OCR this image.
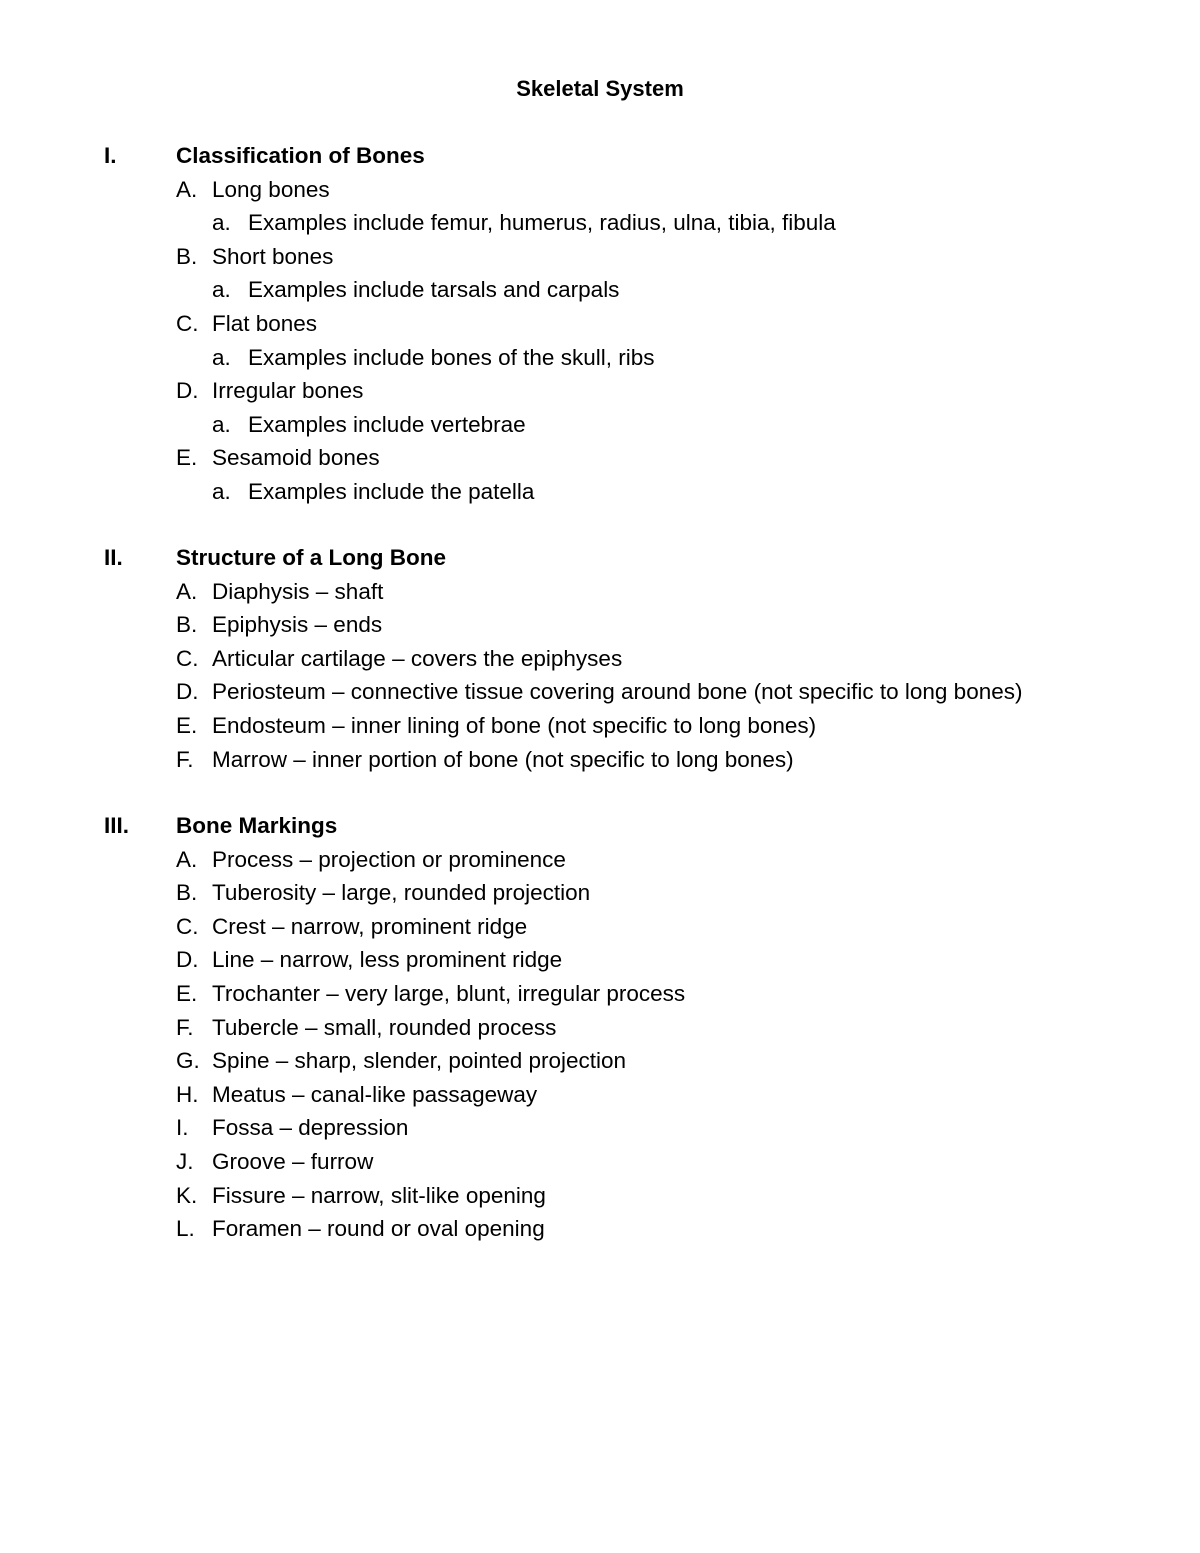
Skeletal System
I.	Classification of Bones
A. Long bones
a. Examples include femur, humerus, radius, ulna, tibia, fibula
B. Short bones
a. Examples include tarsals and carpals
C. Flat bones
a. Examples include bones of the skull, ribs
D. Irregular bones
a. Examples include vertebrae
E. Sesamoid bones
a. Examples include the patella
II. Structure of a Long Bone
A. Diaphysis – shaft
B. Epiphysis – ends
C. Articular cartilage – covers the epiphyses
D. Periosteum – connective tissue covering around bone (not specific to long bones)
E. Endosteum – inner lining of bone (not specific to long bones)
F. Marrow – inner portion of bone (not specific to long bones)
III. Bone Markings
A. Process – projection or prominence
B. Tuberosity – large, rounded projection
C. Crest – narrow, prominent ridge
D. Line – narrow, less prominent ridge
E. Trochanter – very large, blunt, irregular process
F. Tubercle – small, rounded process
G. Spine – sharp, slender, pointed projection
H. Meatus – canal-like passageway
I. Fossa – depression
J. Groove – furrow
K. Fissure – narrow, slit-like opening
L. Foramen – round or oval opening
